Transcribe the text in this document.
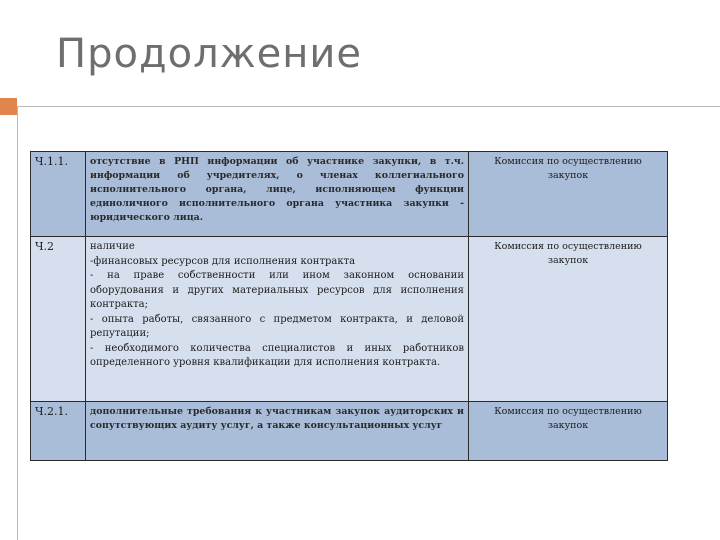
Продолжение
Ч.1.1.	отсутствие в РНП информации об участнике закупки, в т.ч. информации об учредителях, о членах коллегиального исполнительного органа, лице, исполняющем функции единоличного исполнительного органа участника закупки - юридического лица.	Комиссия по осуществлению закупок
Ч.2	наличие
-финансовых ресурсов для исполнения контракта
- на праве собственности или ином законном основании оборудования и других материальных ресурсов для исполнения контракта;
- опыта работы, связанного с предметом контракта, и деловой репутации;
- необходимого количества специалистов и иных работников определенного уровня квалификации для исполнения контракта.	Комиссия по осуществлению закупок
Ч.2.1.	дополнительные требования к участникам закупок аудиторских и сопутствующих аудиту услуг, а также консультационных услуг	Комиссия по осуществлению закупок
